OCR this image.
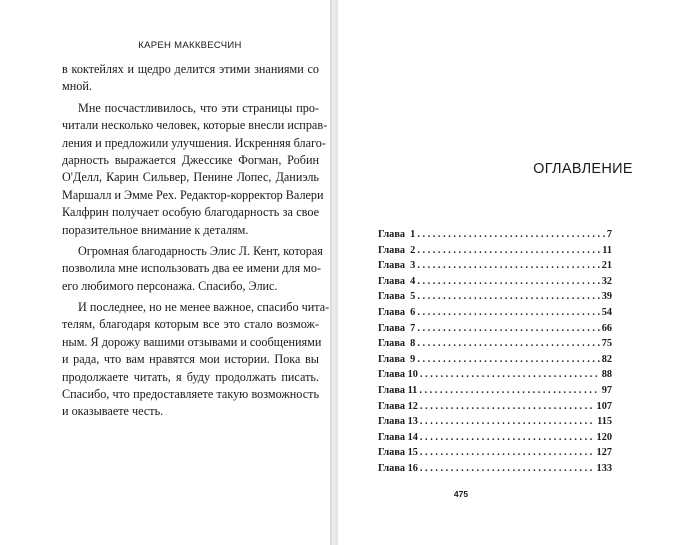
КАРЕН МАККВЕСЧИН
в коктейлях и щедро делится этими знаниями со
мной.
Мне посчастливилось, что эти страницы про-
читали несколько человек, которые внесли исправ-
ления и предложили улучшения. Искренняя благо-
дарность выражается Джессике Фогман, Робин
О'Делл, Карин Сильвер, Пенине Лопес, Даниэль
Маршалл и Эмме Рех. Редактор-корректор Валери
Калфрин получает особую благодарность за свое
поразительное внимание к деталям.
Огромная благодарность Элис Л. Кент, которая
позволила мне использовать два ее имени для мо-
его любимого персонажа. Спасибо, Элис.
И последнее, но не менее важное, спасибо чита-
телям, благодаря которым все это стало возмож-
ным. Я дорожу вашими отзывами и сообщениями
и рада, что вам нравятся мои истории. Пока вы
продолжаете читать, я буду продолжать писать.
Спасибо, что предоставляете такую возможность
и оказываете честь.
ОГЛАВЛЕНИЕ
Глава  1 . . .	7
Глава  2 . . .	11
Глава  3 . . .	21
Глава  4 . . .	32
Глава  5 . . .	39
Глава  6 . . .	54
Глава  7 . . .	66
Глава  8 . . .	75
Глава  9 . . .	82
Глава 10 . . .	88
Глава 11 . . .	97
Глава 12 . . .	107
Глава 13 . . .	115
Глава 14 . . .	120
Глава 15 . . .	127
Глава 16 . . .	133
475
